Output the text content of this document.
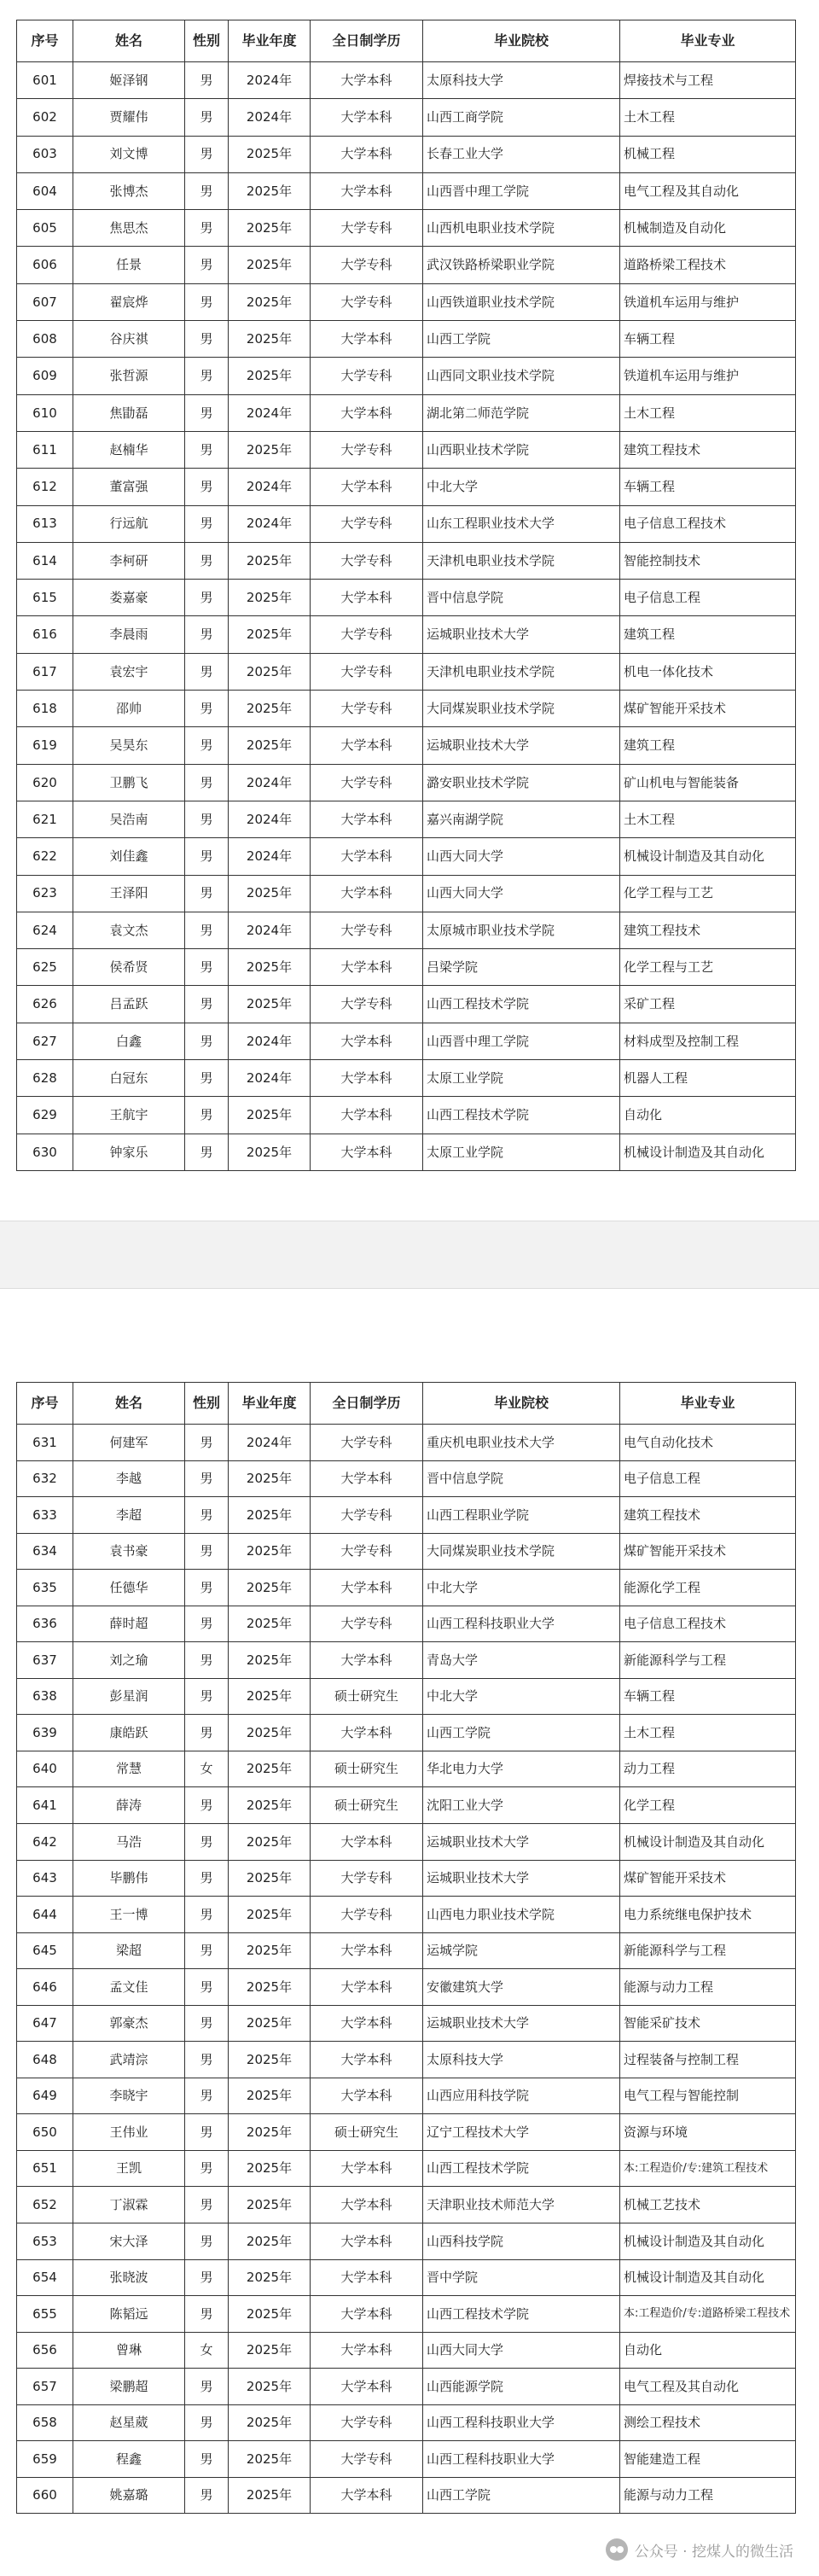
序号	姓名	性别	毕业年度	全日制学历	毕业院校	毕业专业
601	姬泽钢	男	2024年	大学本科	太原科技大学	焊接技术与工程
602	贾耀伟	男	2024年	大学本科	山西工商学院	土木工程
603	刘文博	男	2025年	大学本科	长春工业大学	机械工程
604	张博杰	男	2025年	大学本科	山西晋中理工学院	电气工程及其自动化
605	焦思杰	男	2025年	大学专科	山西机电职业技术学院	机械制造及自动化
606	任景	男	2025年	大学专科	武汉铁路桥梁职业学院	道路桥梁工程技术
607	翟宸烨	男	2025年	大学专科	山西铁道职业技术学院	铁道机车运用与维护
608	谷庆祺	男	2025年	大学本科	山西工学院	车辆工程
609	张哲源	男	2025年	大学专科	山西同文职业技术学院	铁道机车运用与维护
610	焦勖磊	男	2024年	大学本科	湖北第二师范学院	土木工程
611	赵楠华	男	2025年	大学专科	山西职业技术学院	建筑工程技术
612	董富强	男	2024年	大学本科	中北大学	车辆工程
613	行远航	男	2024年	大学专科	山东工程职业技术大学	电子信息工程技术
614	李柯研	男	2025年	大学专科	天津机电职业技术学院	智能控制技术
615	娄嘉豪	男	2025年	大学本科	晋中信息学院	电子信息工程
616	李晨雨	男	2025年	大学专科	运城职业技术大学	建筑工程
617	袁宏宇	男	2025年	大学专科	天津机电职业技术学院	机电一体化技术
618	邵帅	男	2025年	大学专科	大同煤炭职业技术学院	煤矿智能开采技术
619	吴昊东	男	2025年	大学本科	运城职业技术大学	建筑工程
620	卫鹏飞	男	2024年	大学专科	潞安职业技术学院	矿山机电与智能装备
621	吴浩南	男	2024年	大学本科	嘉兴南湖学院	土木工程
622	刘佳鑫	男	2024年	大学本科	山西大同大学	机械设计制造及其自动化
623	王泽阳	男	2025年	大学本科	山西大同大学	化学工程与工艺
624	袁文杰	男	2024年	大学专科	太原城市职业技术学院	建筑工程技术
625	侯希贤	男	2025年	大学本科	吕梁学院	化学工程与工艺
626	吕孟跃	男	2025年	大学专科	山西工程技术学院	采矿工程
627	白鑫	男	2024年	大学本科	山西晋中理工学院	材料成型及控制工程
628	白冠东	男	2024年	大学本科	太原工业学院	机器人工程
629	王航宇	男	2025年	大学本科	山西工程技术学院	自动化
630	钟家乐	男	2025年	大学本科	太原工业学院	机械设计制造及其自动化
序号	姓名	性别	毕业年度	全日制学历	毕业院校	毕业专业
631	何建军	男	2024年	大学专科	重庆机电职业技术大学	电气自动化技术
632	李越	男	2025年	大学本科	晋中信息学院	电子信息工程
633	李超	男	2025年	大学专科	山西工程职业学院	建筑工程技术
634	袁书豪	男	2025年	大学专科	大同煤炭职业技术学院	煤矿智能开采技术
635	任德华	男	2025年	大学本科	中北大学	能源化学工程
636	薛时超	男	2025年	大学专科	山西工程科技职业大学	电子信息工程技术
637	刘之瑜	男	2025年	大学本科	青岛大学	新能源科学与工程
638	彭星润	男	2025年	硕士研究生	中北大学	车辆工程
639	康皓跃	男	2025年	大学本科	山西工学院	土木工程
640	常慧	女	2025年	硕士研究生	华北电力大学	动力工程
641	薛涛	男	2025年	硕士研究生	沈阳工业大学	化学工程
642	马浩	男	2025年	大学本科	运城职业技术大学	机械设计制造及其自动化
643	毕鹏伟	男	2025年	大学专科	运城职业技术大学	煤矿智能开采技术
644	王一博	男	2025年	大学专科	山西电力职业技术学院	电力系统继电保护技术
645	梁超	男	2025年	大学本科	运城学院	新能源科学与工程
646	孟文佳	男	2025年	大学本科	安徽建筑大学	能源与动力工程
647	郭豪杰	男	2025年	大学本科	运城职业技术大学	智能采矿技术
648	武靖淙	男	2025年	大学本科	太原科技大学	过程装备与控制工程
649	李晓宇	男	2025年	大学本科	山西应用科技学院	电气工程与智能控制
650	王伟业	男	2025年	硕士研究生	辽宁工程技术大学	资源与环境
651	王凯	男	2025年	大学本科	山西工程技术学院	本:工程造价/专:建筑工程技术
652	丁淑霖	男	2025年	大学本科	天津职业技术师范大学	机械工艺技术
653	宋大泽	男	2025年	大学本科	山西科技学院	机械设计制造及其自动化
654	张晓波	男	2025年	大学本科	晋中学院	机械设计制造及其自动化
655	陈韬远	男	2025年	大学本科	山西工程技术学院	本:工程造价/专:道路桥梁工程技术
656	曾琳	女	2025年	大学本科	山西大同大学	自动化
657	梁鹏超	男	2025年	大学本科	山西能源学院	电气工程及其自动化
658	赵星葳	男	2025年	大学专科	山西工程科技职业大学	测绘工程技术
659	程鑫	男	2025年	大学专科	山西工程科技职业大学	智能建造工程
660	姚嘉璐	男	2025年	大学本科	山西工学院	能源与动力工程
公众号 · 挖煤人的微生活
